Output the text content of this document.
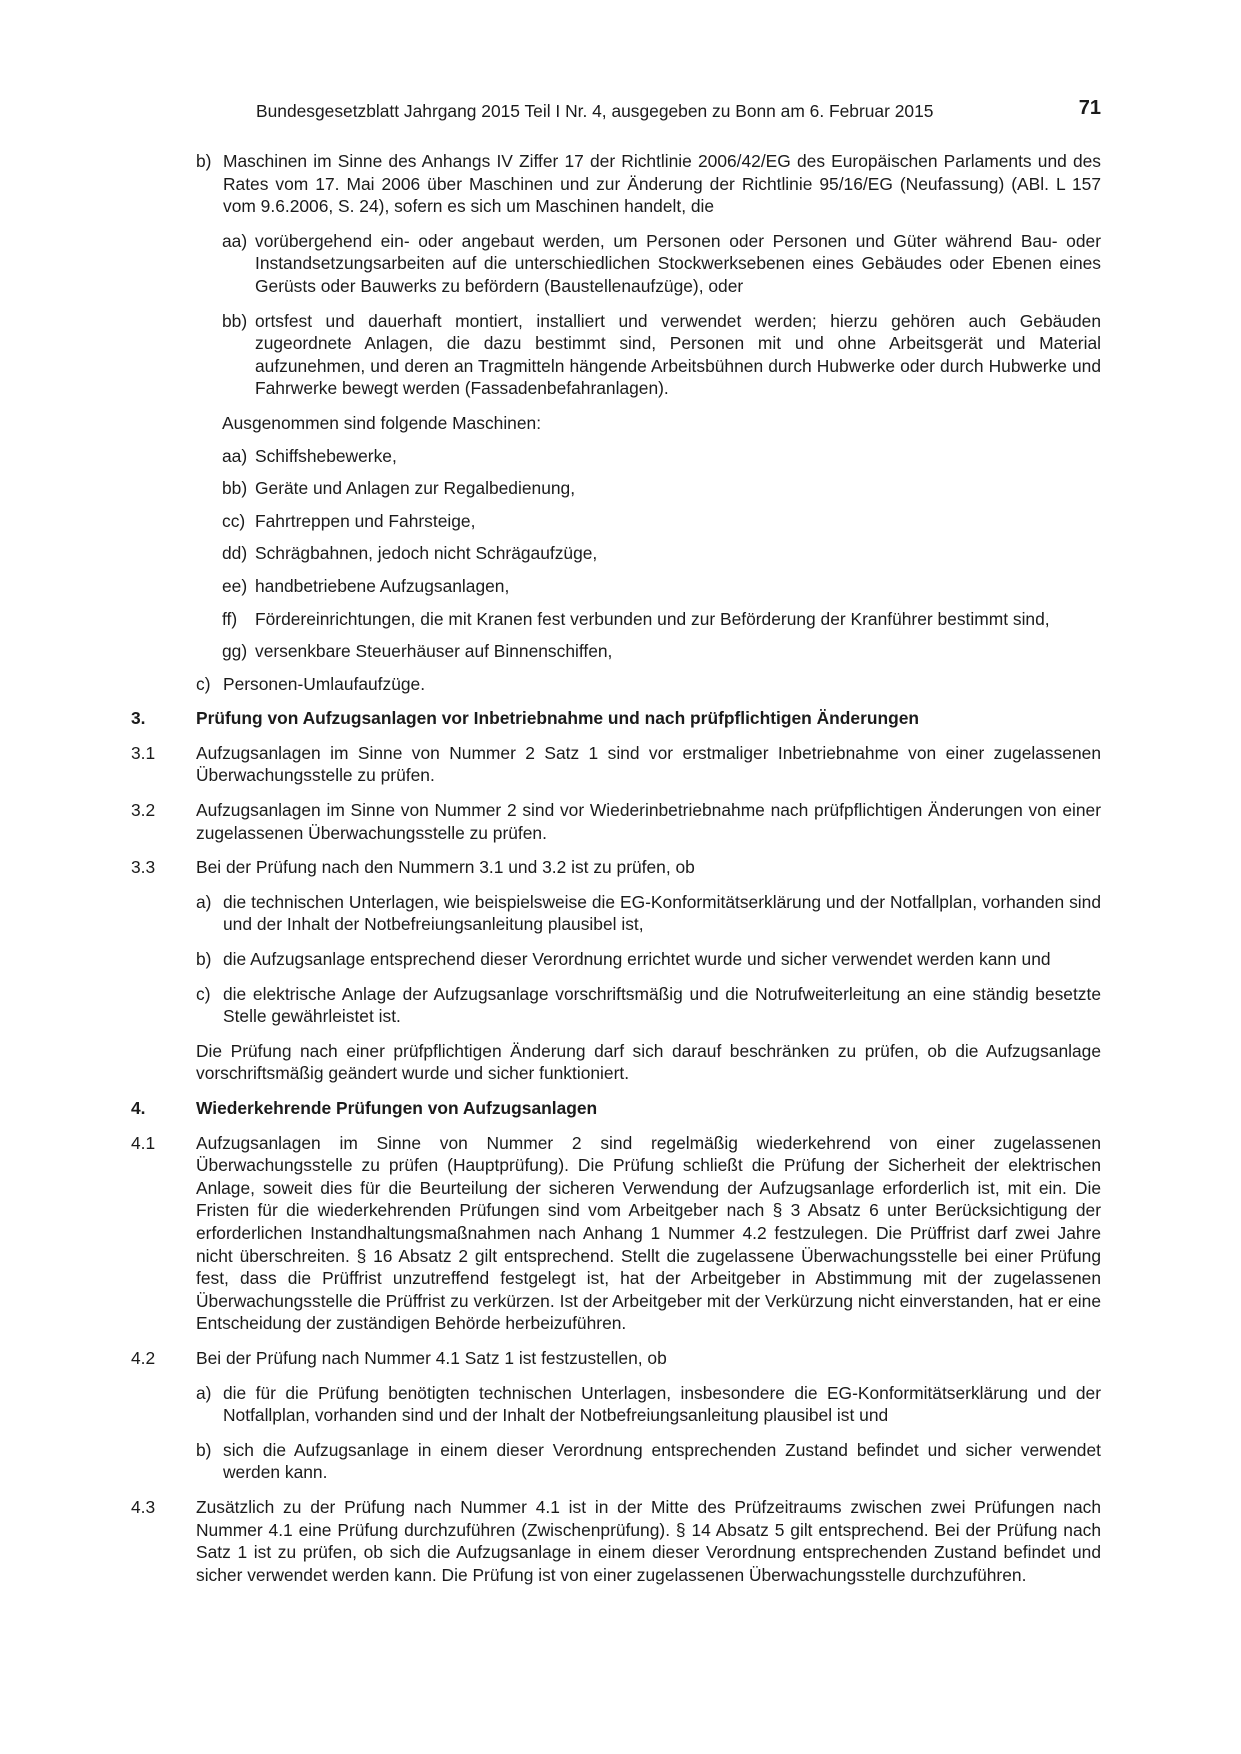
Bundesgesetzblatt Jahrgang 2015 Teil I Nr. 4, ausgegeben zu Bonn am 6. Februar 2015	71
b) Maschinen im Sinne des Anhangs IV Ziffer 17 der Richtlinie 2006/42/EG des Europäischen Parlaments und des Rates vom 17. Mai 2006 über Maschinen und zur Änderung der Richtlinie 95/16/EG (Neufassung) (ABl. L 157 vom 9.6.2006, S. 24), sofern es sich um Maschinen handelt, die
aa) vorübergehend ein- oder angebaut werden, um Personen oder Personen und Güter während Bau- oder Instandsetzungsarbeiten auf die unterschiedlichen Stockwerksebenen eines Gebäudes oder Ebenen eines Gerüsts oder Bauwerks zu befördern (Baustellenaufzüge), oder
bb) ortsfest und dauerhaft montiert, installiert und verwendet werden; hierzu gehören auch Gebäuden zugeordnete Anlagen, die dazu bestimmt sind, Personen mit und ohne Arbeitsgerät und Material aufzunehmen, und deren an Tragmitteln hängende Arbeitsbühnen durch Hubwerke oder durch Hubwerke und Fahrwerke bewegt werden (Fassadenbefahranlagen).
Ausgenommen sind folgende Maschinen:
aa) Schiffshebewerke,
bb) Geräte und Anlagen zur Regalbedienung,
cc) Fahrtreppen und Fahrsteige,
dd) Schrägbahnen, jedoch nicht Schrägaufzüge,
ee) handbetriebene Aufzugsanlagen,
ff) Fördereinrichtungen, die mit Kranen fest verbunden und zur Beförderung der Kranführer bestimmt sind,
gg) versenkbare Steuerhäuser auf Binnenschiffen,
c) Personen-Umlaufaufzüge.
3.	Prüfung von Aufzugsanlagen vor Inbetriebnahme und nach prüfpflichtigen Änderungen
3.1 Aufzugsanlagen im Sinne von Nummer 2 Satz 1 sind vor erstmaliger Inbetriebnahme von einer zugelassenen Überwachungsstelle zu prüfen.
3.2 Aufzugsanlagen im Sinne von Nummer 2 sind vor Wiederinbetriebnahme nach prüfpflichtigen Änderungen von einer zugelassenen Überwachungsstelle zu prüfen.
3.3 Bei der Prüfung nach den Nummern 3.1 und 3.2 ist zu prüfen, ob
a) die technischen Unterlagen, wie beispielsweise die EG-Konformitätserklärung und der Notfallplan, vorhanden sind und der Inhalt der Notbefreiungsanleitung plausibel ist,
b) die Aufzugsanlage entsprechend dieser Verordnung errichtet wurde und sicher verwendet werden kann und
c) die elektrische Anlage der Aufzugsanlage vorschriftsmäßig und die Notrufweiterleitung an eine ständig besetzte Stelle gewährleistet ist.
Die Prüfung nach einer prüfpflichtigen Änderung darf sich darauf beschränken zu prüfen, ob die Aufzugsanlage vorschriftsmäßig geändert wurde und sicher funktioniert.
4.	Wiederkehrende Prüfungen von Aufzugsanlagen
4.1 Aufzugsanlagen im Sinne von Nummer 2 sind regelmäßig wiederkehrend von einer zugelassenen Überwachungsstelle zu prüfen (Hauptprüfung). Die Prüfung schließt die Prüfung der Sicherheit der elektrischen Anlage, soweit dies für die Beurteilung der sicheren Verwendung der Aufzugsanlage erforderlich ist, mit ein. Die Fristen für die wiederkehrenden Prüfungen sind vom Arbeitgeber nach § 3 Absatz 6 unter Berücksichtigung der erforderlichen Instandhaltungsmaßnahmen nach Anhang 1 Nummer 4.2 festzulegen. Die Prüffrist darf zwei Jahre nicht überschreiten. § 16 Absatz 2 gilt entsprechend. Stellt die zugelassene Überwachungsstelle bei einer Prüfung fest, dass die Prüffrist unzutreffend festgelegt ist, hat der Arbeitgeber in Abstimmung mit der zugelassenen Überwachungsstelle die Prüffrist zu verkürzen. Ist der Arbeitgeber mit der Verkürzung nicht einverstanden, hat er eine Entscheidung der zuständigen Behörde herbeizuführen.
4.2 Bei der Prüfung nach Nummer 4.1 Satz 1 ist festzustellen, ob
a) die für die Prüfung benötigten technischen Unterlagen, insbesondere die EG-Konformitätserklärung und der Notfallplan, vorhanden sind und der Inhalt der Notbefreiungsanleitung plausibel ist und
b) sich die Aufzugsanlage in einem dieser Verordnung entsprechenden Zustand befindet und sicher verwendet werden kann.
4.3 Zusätzlich zu der Prüfung nach Nummer 4.1 ist in der Mitte des Prüfzeitraums zwischen zwei Prüfungen nach Nummer 4.1 eine Prüfung durchzuführen (Zwischenprüfung). § 14 Absatz 5 gilt entsprechend. Bei der Prüfung nach Satz 1 ist zu prüfen, ob sich die Aufzugsanlage in einem dieser Verordnung entsprechenden Zustand befindet und sicher verwendet werden kann. Die Prüfung ist von einer zugelassenen Überwachungsstelle durchzuführen.
